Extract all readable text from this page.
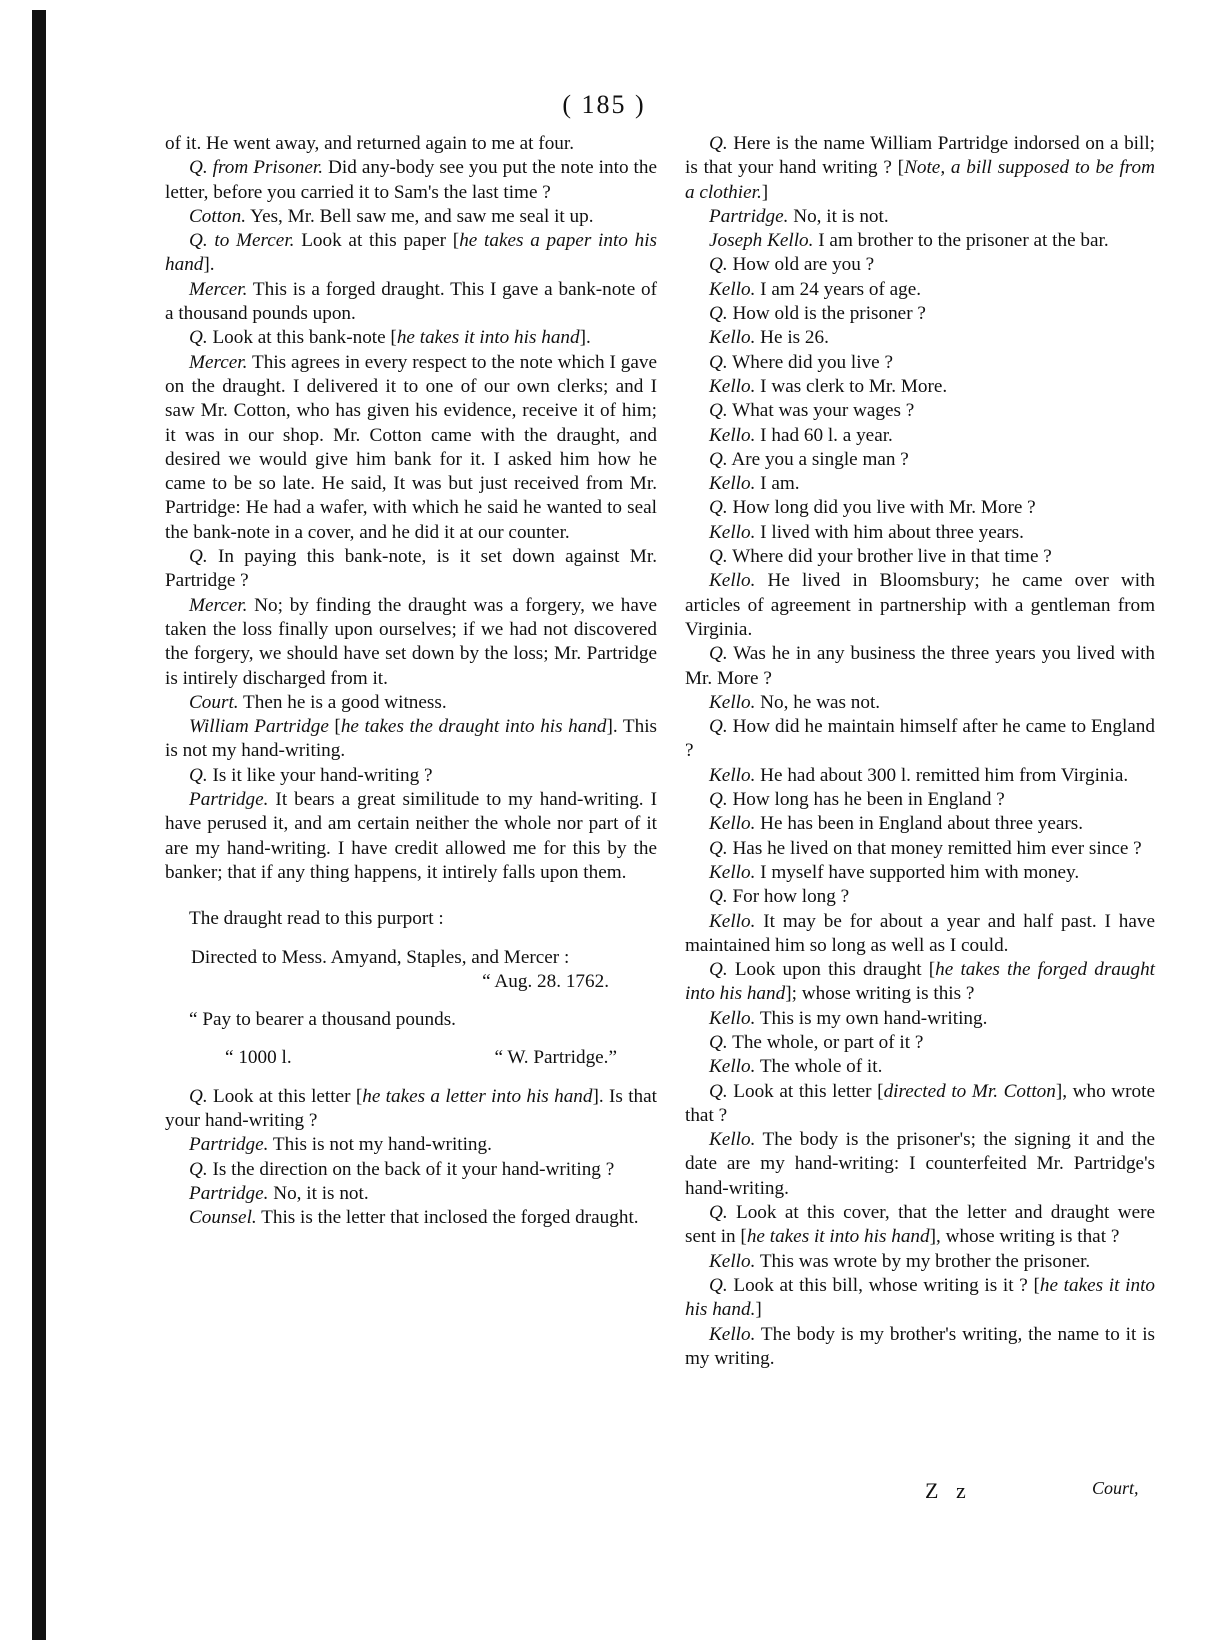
( 185 )

of it. He went away, and returned again to me at four.

Q. from Prisoner. Did any-body see you put the note into the letter, before you carried it to Sam's the last time ?

Cotton. Yes, Mr. Bell saw me, and saw me seal it up.

Q. to Mercer. Look at this paper [he takes a paper into his hand].

Mercer. This is a forged draught. This I gave a bank-note of a thousand pounds upon.

Q. Look at this bank-note [he takes it into his hand].

Mercer. This agrees in every respect to the note which I gave on the draught. I delivered it to one of our own clerks; and I saw Mr. Cotton, who has given his evidence, receive it of him; it was in our shop. Mr. Cotton came with the draught, and desired we would give him bank for it. I asked him how he came to be so late. He said, It was but just received from Mr. Partridge: He had a wafer, with which he said he wanted to seal the bank-note in a cover, and he did it at our counter.

Q. In paying this bank-note, is it set down against Mr. Partridge ?

Mercer. No; by finding the draught was a forgery, we have taken the loss finally upon ourselves; if we had not discovered the forgery, we should have set down by the loss; Mr. Partridge is intirely discharged from it.

Court. Then he is a good witness.

William Partridge [he takes the draught into his hand]. This is not my hand-writing.

Q. Is it like your hand-writing ?

Partridge. It bears a great similitude to my hand-writing. I have perused it, and am certain neither the whole nor part of it are my hand-writing. I have credit allowed me for this by the banker; that if any thing happens, it intirely falls upon them.

The draught read to this purport :

Directed to Mess. Amyand, Staples, and Mercer :

“ Aug. 28. 1762.

“ Pay to bearer a thousand pounds.

“ 1000 l.	“ W. Partridge.”

Q. Look at this letter [he takes a letter into his hand]. Is that your hand-writing ?

Partridge. This is not my hand-writing.

Q. Is the direction on the back of it your hand-writing ?

Partridge. No, it is not.

Counsel. This is the letter that inclosed the forged draught.

Q. Here is the name William Partridge indorsed on a bill; is that your hand writing ? [Note, a bill supposed to be from a clothier.]

Partridge. No, it is not.

Joseph Kello. I am brother to the prisoner at the bar.

Q. How old are you ?

Kello. I am 24 years of age.

Q. How old is the prisoner ?

Kello. He is 26.

Q. Where did you live ?

Kello. I was clerk to Mr. More.

Q. What was your wages ?

Kello. I had 60 l. a year.

Q. Are you a single man ?

Kello. I am.

Q. How long did you live with Mr. More ?

Kello. I lived with him about three years.

Q. Where did your brother live in that time ?

Kello. He lived in Bloomsbury; he came over with articles of agreement in partnership with a gentleman from Virginia.

Q. Was he in any business the three years you lived with Mr. More ?

Kello. No, he was not.

Q. How did he maintain himself after he came to England ?

Kello. He had about 300 l. remitted him from Virginia.

Q. How long has he been in England ?

Kello. He has been in England about three years.

Q. Has he lived on that money remitted him ever since ?

Kello. I myself have supported him with money.

Q. For how long ?

Kello. It may be for about a year and half past. I have maintained him so long as well as I could.

Q. Look upon this draught [he takes the forged draught into his hand]; whose writing is this ?

Kello. This is my own hand-writing.

Q. The whole, or part of it ?

Kello. The whole of it.

Q. Look at this letter [directed to Mr. Cotton], who wrote that ?

Kello. The body is the prisoner's; the signing it and the date are my hand-writing: I counterfeited Mr. Partridge's hand-writing.

Q. Look at this cover, that the letter and draught were sent in [he takes it into his hand], whose writing is that ?

Kello. This was wrote by my brother the prisoner.

Q. Look at this bill, whose writing is it ? [he takes it into his hand.]

Kello. The body is my brother's writing, the name to it is my writing.

Z z	Court,
